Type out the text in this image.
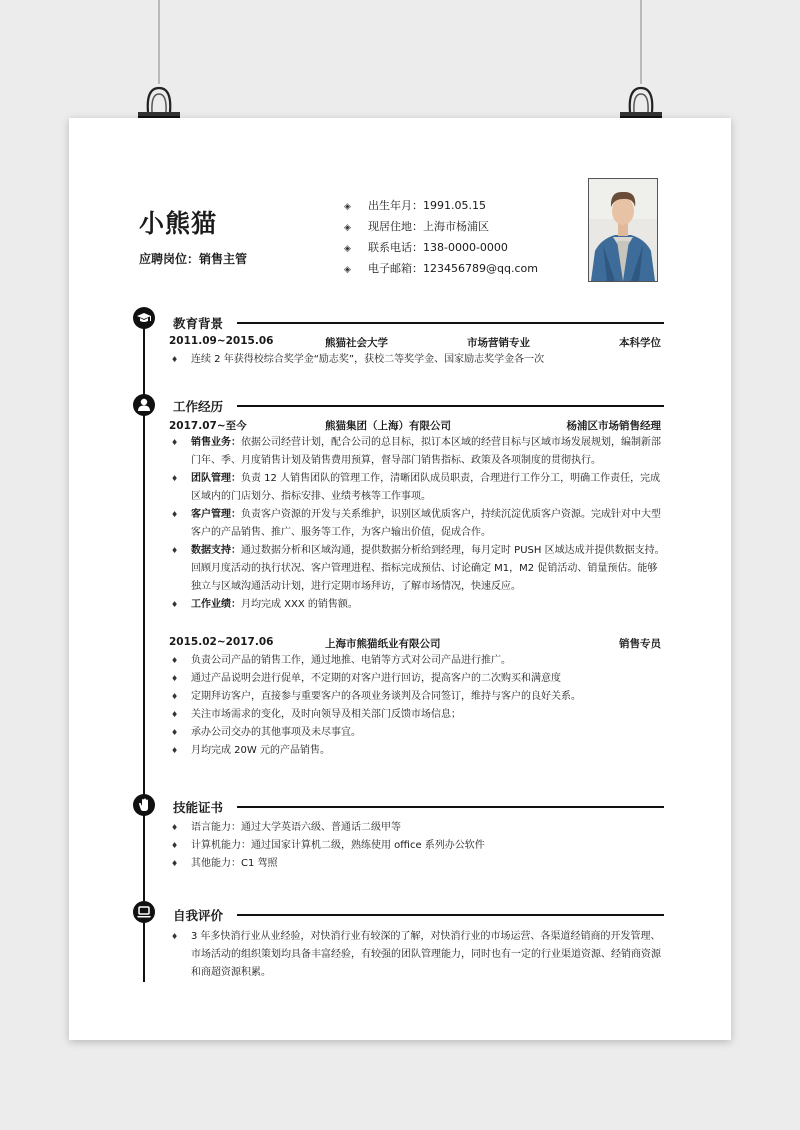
小熊猫
应聘岗位：销售主管
◈ 出生年月：1991.05.15
◈ 现居住地：上海市杨浦区
◈ 联系电话：138-0000-0000
◈ 电子邮箱：123456789@qq.com
教育背景
2011.09~2015.06	熊猫社会大学	市场营销专业	本科学位
♦ 连续 2 年获得校综合奖学金“励志奖”，获校二等奖学金、国家励志奖学金各一次
工作经历
2017.07~至今	熊猫集团（上海）有限公司	杨浦区市场销售经理
♦ 销售业务：依据公司经营计划，配合公司的总目标，拟订本区域的经营目标与区域市场发展规划，编制新部门年、季、月度销售计划及销售费用预算，督导部门销售指标、政策及各项制度的贯彻执行。
♦ 团队管理：负责 12 人销售团队的管理工作，清晰团队成员职责，合理进行工作分工，明确工作责任，完成区域内的门店划分、指标安排、业绩考核等工作事项。
♦ 客户管理：负责客户资源的开发与关系维护，识别区域优质客户，持续沉淀优质客户资源。完成针对中大型客户的产品销售、推广、服务等工作，为客户输出价值，促成合作。
♦ 数据支持：通过数据分析和区域沟通，提供数据分析给到经理，每月定时 PUSH 区域达成并提供数据支持。回顾月度活动的执行状况、客户管理进程、指标完成预估、讨论确定 M1，M2 促销活动、销量预估。能够独立与区域沟通活动计划，进行定期市场拜访，了解市场情况，快速反应。
♦ 工作业绩：月均完成 XXX 的销售额。
2015.02~2017.06	上海市熊猫纸业有限公司	销售专员
♦ 负责公司产品的销售工作，通过地推、电销等方式对公司产品进行推广。
♦ 通过产品说明会进行促单，不定期的对客户进行回访，提高客户的二次购买和满意度
♦ 定期拜访客户，直接参与重要客户的各项业务谈判及合同签订，维持与客户的良好关系。
♦ 关注市场需求的变化，及时向领导及相关部门反馈市场信息；
♦ 承办公司交办的其他事项及未尽事宜。
♦ 月均完成 20W 元的产品销售。
技能证书
♦ 语言能力：通过大学英语六级、普通话二级甲等
♦ 计算机能力：通过国家计算机二级，熟练使用 office 系列办公软件
♦ 其他能力：C1 驾照
自我评价
♦ 3 年多快消行业从业经验，对快消行业有较深的了解，对快消行业的市场运营、各渠道经销商的开发管理、市场活动的组织策划均具备丰富经验，有较强的团队管理能力，同时也有一定的行业渠道资源、经销商资源和商超资源积累。
